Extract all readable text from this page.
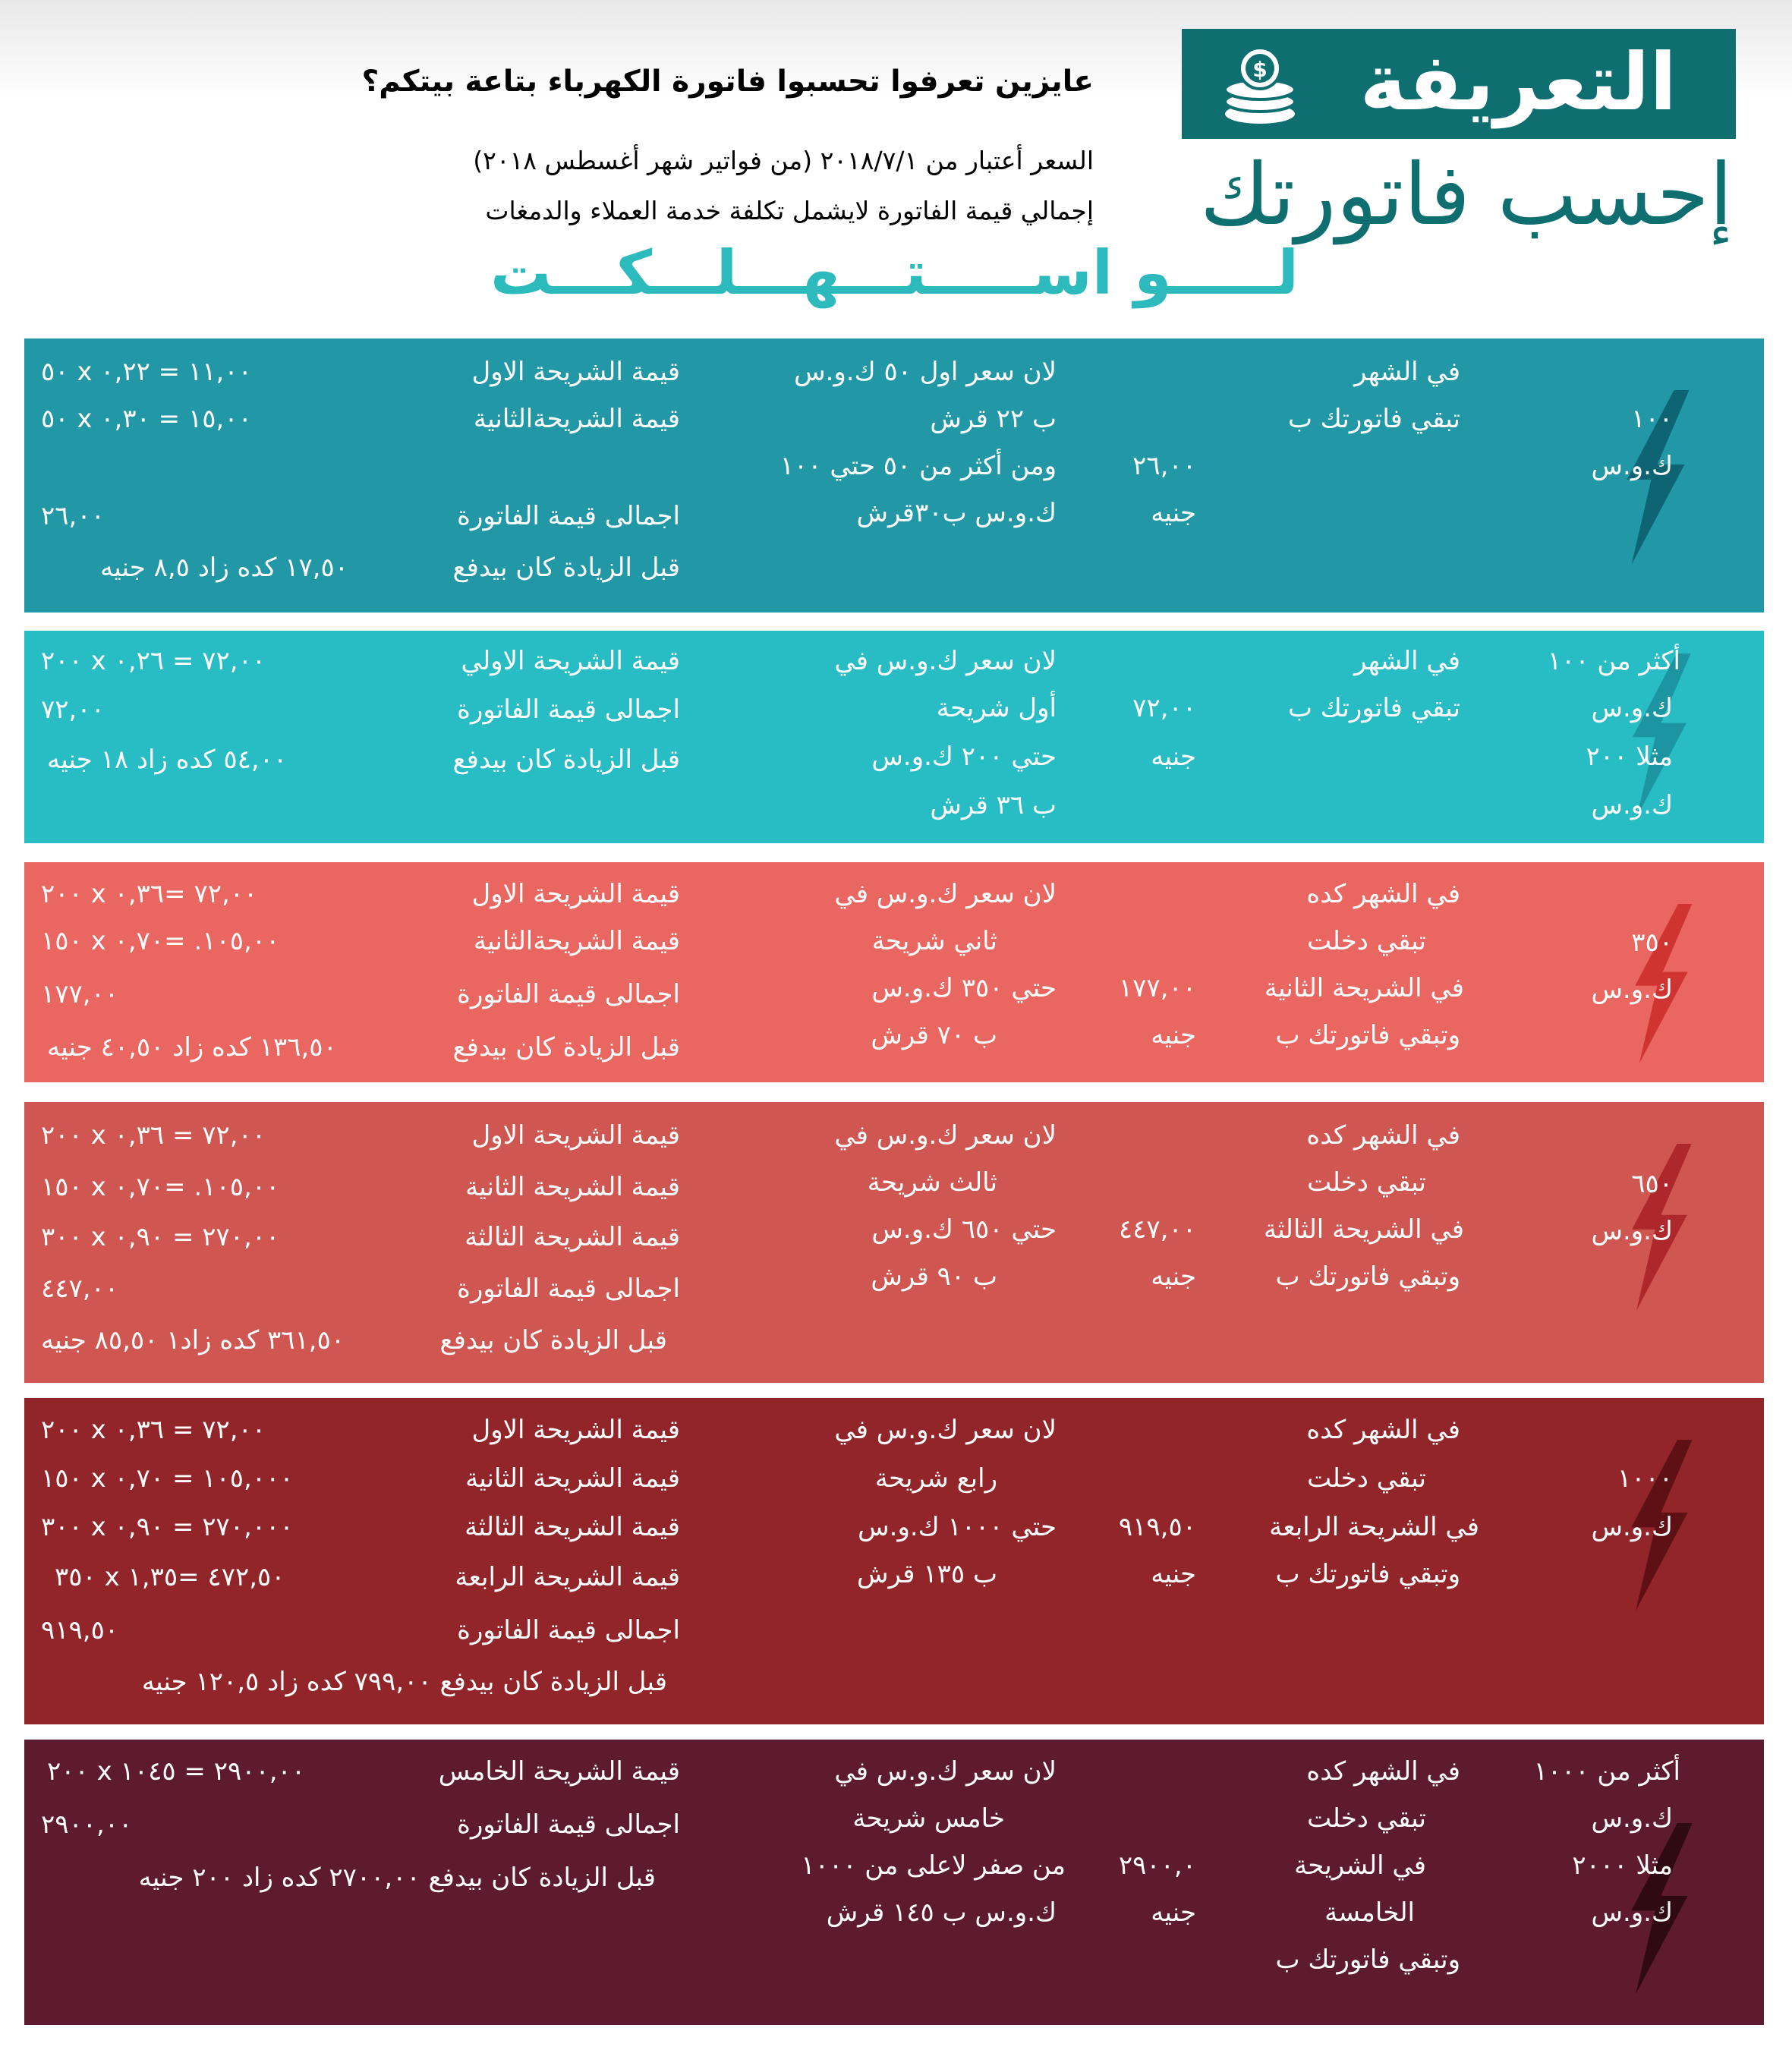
$ التعريفة
إحسب فاتورتك
لـــــو اســـــتـــهـــلـــكـــت
عايزين تعرفوا تحسبوا فاتورة الكهرباء بتاعة بيتكم؟
السعر أعتبار من ٢٠١٨/٧/١ (من فواتير شهر أغسطس ٢٠١٨)
إجمالي قيمة الفاتورة لايشمل تكلفة خدمة العملاء والدمغات
١٠٠
ك.و.س
في الشهر
تبقي فاتورتك ب
٢٦,٠٠
جنيه
لان سعر اول ٥٠ ك.و.س
ب ٢٢ قرش
ومن أكثر من ٥٠ حتي ١٠٠
ك.و.س ب٣٠قرش
قيمة الشريحة الاول
قيمة الشريحةالثانية
اجمالى قيمة الفاتورة
قبل الزيادة كان بيدفع
١١,٠٠ = ٠,٢٢ x ٥٠
١٥,٠٠ = ٠,٣٠ x ٥٠
٢٦,٠٠
١٧,٥٠ كده زاد ٨,٥ جنيه
أكثر من ١٠٠
ك.و.س
مثلا ٢٠٠
ك.و.س
في الشهر
تبقي فاتورتك ب
٧٢,٠٠
جنيه
لان سعر ك.و.س في
أول شريحة
حتي ٢٠٠ ك.و.س
ب ٣٦ قرش
قيمة الشريحة الاولي
اجمالى قيمة الفاتورة
قبل الزيادة كان بيدفع
٧٢,٠٠ = ٠,٢٦ x ٢٠٠
٧٢,٠٠
٥٤,٠٠ كده زاد ١٨ جنيه
٣٥٠
ك.و.س
في الشهر كده
تبقي دخلت
في الشريحة الثانية
وتبقي فاتورتك ب
١٧٧,٠٠
جنيه
لان سعر ك.و.س في
ثاني شريحة
حتي ٣٥٠ ك.و.س
ب ٧٠ قرش
قيمة الشريحة الاول
قيمة الشريحةالثانية
اجمالى قيمة الفاتورة
قبل الزيادة كان بيدفع
٧٢,٠٠ =٠,٣٦ x ٢٠٠
١٠٥,٠٠. =٠,٧٠ x ١٥٠
١٧٧,٠٠
١٣٦,٥٠ كده زاد ٤٠,٥٠ جنيه
٦٥٠
ك.و.س
في الشهر كده
تبقي دخلت
في الشريحة الثالثة
وتبقي فاتورتك ب
٤٤٧,٠٠
جنيه
لان سعر ك.و.س في
ثالث شريحة
حتي ٦٥٠ ك.و.س
ب ٩٠ قرش
قيمة الشريحة الاول
قيمة الشريحة الثانية
قيمة الشريحة الثالثة
اجمالى قيمة الفاتورة
قبل الزيادة كان بيدفع
٧٢,٠٠ = ٠,٣٦ x ٢٠٠
١٠٥,٠٠. =٠,٧٠ x ١٥٠
٢٧٠,٠٠ = ٠,٩٠ x ٣٠٠
٤٤٧,٠٠
٣٦١,٥٠ كده زاد١ ٨٥,٥٠ جنيه
١٠٠٠
ك.و.س
في الشهر كده
تبقي دخلت
في الشريحة الرابعة
وتبقي فاتورتك ب
٩١٩,٥٠
جنيه
لان سعر ك.و.س في
رابع شريحة
حتي ١٠٠٠ ك.و.س
ب ١٣٥ قرش
قيمة الشريحة الاول
قيمة الشريحة الثانية
قيمة الشريحة الثالثة
قيمة الشريحة الرابعة
اجمالى قيمة الفاتورة
قبل الزيادة كان بيدفع ٧٩٩,٠٠ كده زاد ١٢٠,٥ جنيه
٧٢,٠٠ = ٠,٣٦ x ٢٠٠
١٠٥,٠٠٠ = ٠,٧٠ x ١٥٠
٢٧٠,٠٠٠ = ٠,٩٠ x ٣٠٠
٤٧٢,٥٠ =١,٣٥ x ٣٥٠
٩١٩,٥٠
أكثر من ١٠٠٠
ك.و.س
مثلا ٢٠٠٠
ك.و.س
في الشهر كده
تبقي دخلت
في الشريحة
الخامسة
وتبقي فاتورتك ب
٢٩٠٠,٠
جنيه
لان سعر ك.و.س في
خامس شريحة
من صفر لاعلى من ١٠٠٠
ك.و.س ب ١٤٥ قرش
قيمة الشريحة الخامس
اجمالى قيمة الفاتورة
قبل الزيادة كان بيدفع ٢٧٠٠,٠٠ كده زاد ٢٠٠ جنيه
٢٩٠٠,٠٠ = ١٠٤٥ x ٢٠٠
٢٩٠٠,٠٠
